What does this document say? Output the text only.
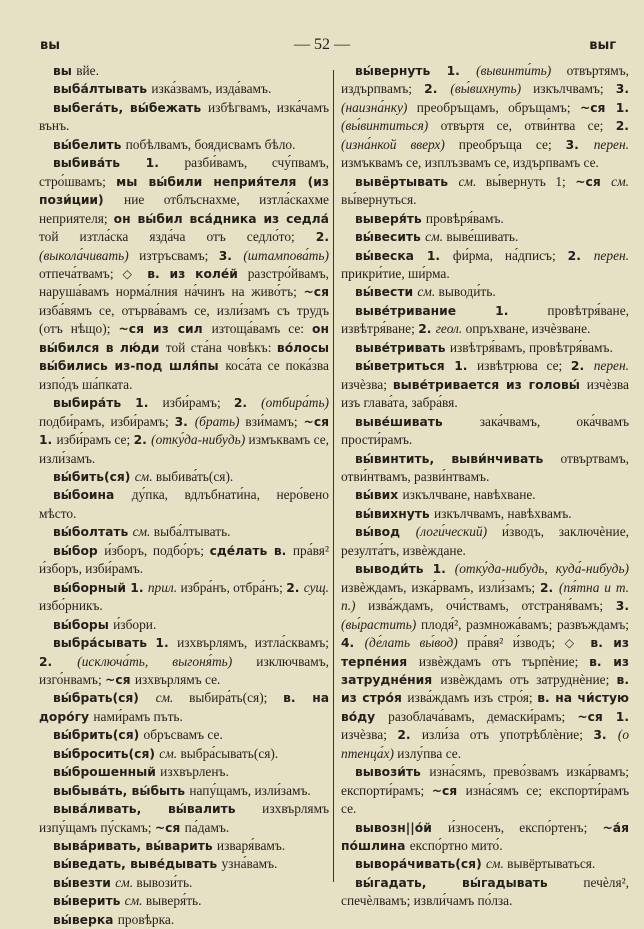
вы	— 52 —	выг

вы вйе.

выба́лтывать изка́звамъ, изда́вамъ.

выбега́ть, вы́бежать избѣгвамъ, изка́чамъ вънъ.

вы́белить побѣлвамъ, боядисвамъ бѣло.

выбива́ть 1. разби́вамъ, счу́пвамъ, стро́швамъ; мы вы́били неприя́теля (из пози́ции) ние отблъснахме, изтла́скахме неприятеля; он вы́бил вса́дника из седла́ той изтла́ска язда́ча отъ седло́то; 2. (выкола́чивать) изтръсвамъ; 3. (штампова́ть) отпеча́твамъ; ◇ в. из коле́й разстро́йвамъ, наруша́вамъ норма́лния на́чинъ на живо́тъ; ~ся изба́вямъ се, отърва́вамъ се, изли́замъ съ трудъ (отъ нѣщо); ~ся из сил изтоща́вамъ се: он вы́бился в лю́ди той ста́на човѣкъ: во́лосы вы́бились из-под шля́пы коса́та се пока́зва изпо́дъ ша́пката.

выбира́ть 1. изби́рамъ; 2. (отбира́ть) подби́рамъ, изби́рамъ; 3. (брать) взи́мамъ; ~ся 1. изби́рамъ се; 2. (отку́да-нибудь) измъквамъ се, изли́замъ.

вы́бить(ся) см. выбива́ть(ся).

вы́боина ду́пка, вдлъбнати́на, неро́вено мѣсто.

вы́болтать см. выба́лтывать.

вы́бор и́зборъ, подбо́ръ; сде́лать в. пра́вя² и́зборъ, изби́рамъ.

вы́борный 1. прил. избра́нъ, отбра́нъ; 2. сущ. избо́рникъ.

вы́боры и́збори.

выбра́сывать 1. изхвърлямъ, изтла́сквамъ; 2. (исключа́ть, выгоня́ть) изключвамъ, изго́нвамъ; ~ся изхвърлямъ се.

вы́брать(ся) см. выбира́ть(ся); в. на доро́гу нами́рамъ пъть.

вы́брить(ся) обръсвамъ се.

вы́бросить(ся) см. выбра́сывать(ся).

вы́брошенный изхвърленъ.

выбыва́ть, вы́быть напу́щамъ, изли́замъ.

выва́ливать, вы́валить изхвърлямъ изпу́щамъ пу́скамъ; ~ся па́дамъ.

выва́ривать, вы́варить изваря́вамъ.

вы́ведать, выве́дывать узна́вамъ.

вы́везти см. вывози́ть.

вы́верить см. выверя́ть.

вы́верка провѣрка.

вы́вернуть 1. (вывинти́ть) отвъртямъ, издърпвамъ; 2. (вы́вихнуть) изкълчвамъ; 3. (наизна́нку) преобръщамъ, обръщамъ; ~ся 1. (вы́винтиться) отвъртя се, отви́нтва се; 2. (изна́нкой вверх) преобръща се; 3. перен. измъквамъ се, изплъзвамъ се, издърпвамъ се.

вывёртывать см. вы́вернуть 1; ~ся см. вы́вернуться.

выверя́ть провѣря́вамъ.

вы́весить см. выве́шивать.

вы́веска 1. фи́рма, на́дписъ; 2. перен. прикри́тие, ши́рма.

вы́вести см. выводи́ть.

выве́тривание 1. провѣтря́ване, извѣтря́ване; 2. геол. опръхване, изчѐзване.

выве́тривать извѣтря́вамъ, провѣтря́вамъ.

вы́ветриться 1. извѣтрюва се; 2. перен. изчѐзва; выве́тривается из головы́ изчѐзва изъ глава́та, забра́вя.

выве́шивать зака́чвамъ, ока́чвамъ прости́рамъ.

вы́винтить, выви́нчивать отвъртвамъ, отви́нтвамъ, разви́нтвамъ.

вы́вих изкълчване, навѣхване.

вы́вихнуть изкълчвамъ, навѣхвамъ.

вы́вод (логи́ческий) и́зводъ, заключѐние, резулта́тъ, извѐждане.

выводи́ть 1. (отку́да-нибудь, куда́-нибудь) извѐждамъ, изка́рвамъ, изли́замъ; 2. (пя́тна и т. п.) изва́ждамъ, очи́ствамъ, отстраня́вамъ; 3. (вы́растить) плодя́², размножа́вамъ; развъждамъ; 4. (де́лать вы́вод) пра́вя² и́зводъ; ◇ в. из терпе́ния извѐждамъ отъ търпѐние; в. из затрудне́ния извѐждамъ отъ затруднѐние; в. из стро́я изва́ждамъ изъ стро́я; в. на чи́стую во́ду разоблача́вамъ, демаски́рамъ; ~ся 1. изчѐзва; 2. изли́за отъ употрѣблѐние; 3. (о птенца́х) излу́пва се.

вывози́ть изна́сямъ, прево́звамъ изка́рвамъ; експорти́рамъ; ~ся изна́сямъ се; експорти́рамъ се.

вывозн||о́й и́зносенъ, експо́ртенъ; ~а́я по́шлина експо́ртно мито́.

вывора́чивать(ся) см. вывёртываться.

вы́гадать, вы́гадывать печѐля², спечѐлвамъ; извли́чамъ по́лза.
